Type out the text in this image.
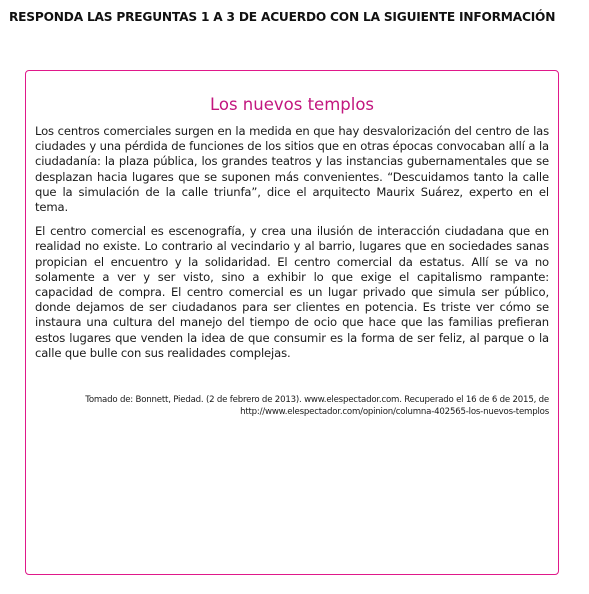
RESPONDA LAS PREGUNTAS 1 A 3 DE ACUERDO CON LA SIGUIENTE INFORMACIÓN
Los nuevos templos

Los centros comerciales surgen en la medida en que hay desvalorización del centro de las ciudades y una pérdida de funciones de los sitios que en otras épocas convocaban allí a la ciudadanía: la plaza pública, los grandes teatros y las instancias gubernamentales que se desplazan hacia lugares que se suponen más convenientes. “Descuidamos tanto la calle que la simulación de la calle triunfa”, dice el arquitecto Maurix Suárez, experto en el tema.

El centro comercial es escenografía, y crea una ilusión de interacción ciudadana que en realidad no existe. Lo contrario al vecindario y al barrio, lugares que en sociedades sanas propician el encuentro y la solidaridad. El centro comercial da estatus. Allí se va no solamente a ver y ser visto, sino a exhibir lo que exige el capitalismo rampante: capacidad de compra. El centro comercial es un lugar privado que simula ser público, donde dejamos de ser ciudadanos para ser clientes en potencia. Es triste ver cómo se instaura una cultura del manejo del tiempo de ocio que hace que las familias prefieran estos lugares que venden la idea de que consumir es la forma de ser feliz, al parque o la calle que bulle con sus realidades complejas.

Tomado de: Bonnett, Piedad. (2 de febrero de 2013). www.elespectador.com. Recuperado el 16 de 6 de 2015, de http://www.elespectador.com/opinion/columna-402565-los-nuevos-templos
